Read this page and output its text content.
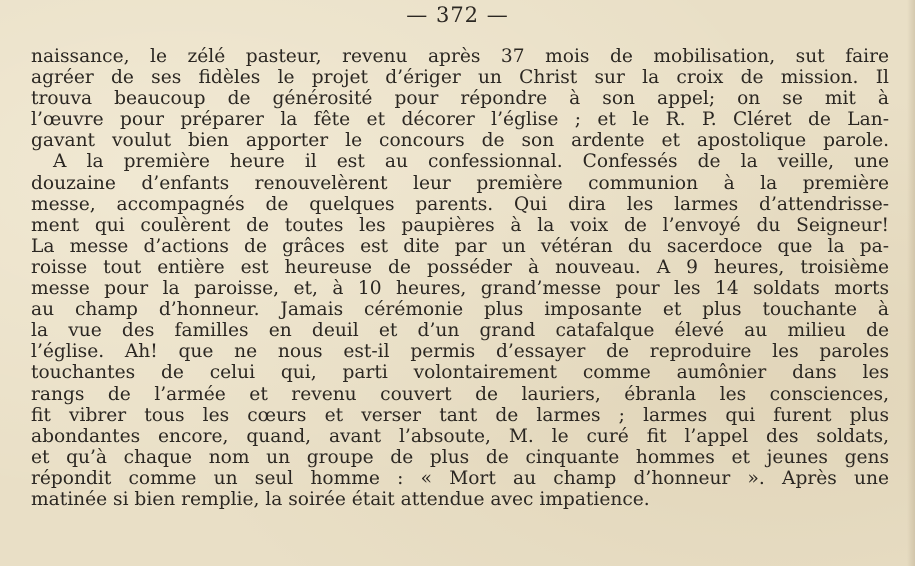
— 372 —
naissance, le zélé pasteur, revenu après 37 mois de mobilisation, sut faire
agréer de ses fidèles le projet d’ériger un Christ sur la croix de mission. Il
trouva beaucoup de générosité pour répondre à son appel; on se mit à
l’œuvre pour préparer la fête et décorer l’église ; et le R. P. Cléret de Lan-
gavant voulut bien apporter le concours de son ardente et apostolique parole.
A la première heure il est au confessionnal. Confessés de la veille, une
douzaine d’enfants renouvelèrent leur première communion à la première
messe, accompagnés de quelques parents. Qui dira les larmes d’attendrisse-
ment qui coulèrent de toutes les paupières à la voix de l’envoyé du Seigneur!
La messe d’actions de grâces est dite par un vétéran du sacerdoce que la pa-
roisse tout entière est heureuse de posséder à nouveau. A 9 heures, troisième
messe pour la paroisse, et, à 10 heures, grand’messe pour les 14 soldats morts
au champ d’honneur. Jamais cérémonie plus imposante et plus touchante à
la vue des familles en deuil et d’un grand catafalque élevé au milieu de
l’église. Ah! que ne nous est-il permis d’essayer de reproduire les paroles
touchantes de celui qui, parti volontairement comme aumônier dans les
rangs de l’armée et revenu couvert de lauriers, ébranla les consciences,
fit vibrer tous les cœurs et verser tant de larmes ; larmes qui furent plus
abondantes encore, quand, avant l’absoute, M. le curé fit l’appel des soldats,
et qu’à chaque nom un groupe de plus de cinquante hommes et jeunes gens
répondit comme un seul homme : « Mort au champ d’honneur ». Après une
matinée si bien remplie, la soirée était attendue avec impatience.
